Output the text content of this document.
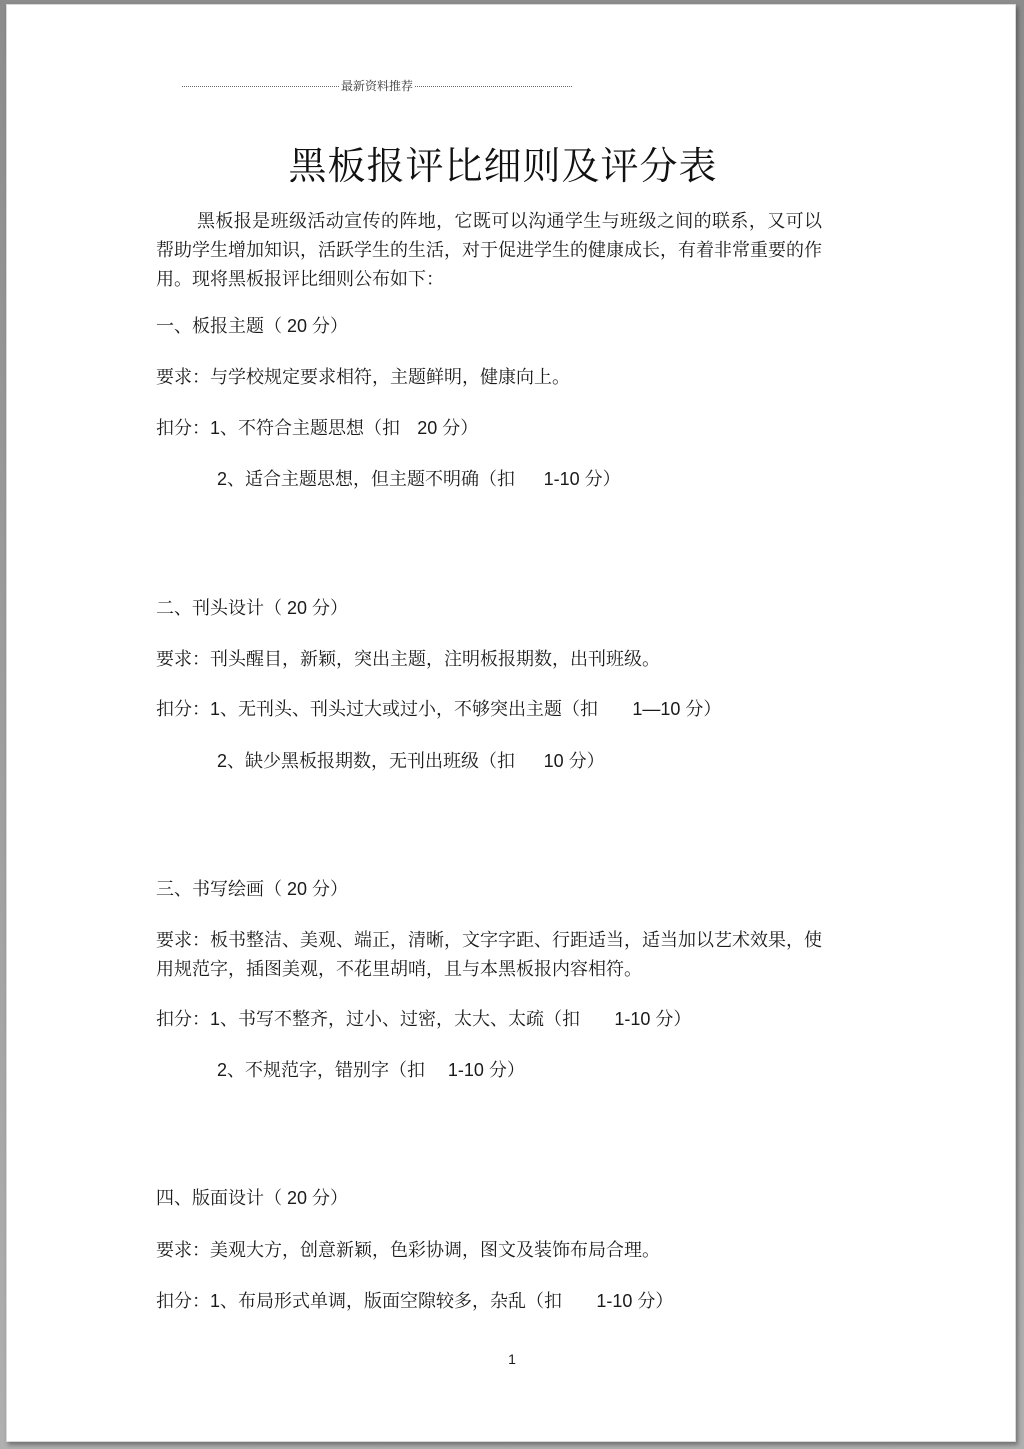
最新资料推荐
黑板报评比细则及评分表
黑板报是班级活动宣传的阵地，它既可以沟通学生与班级之间的联系，又可以帮助学生增加知识，活跃学生的生活，对于促进学生的健康成长，有着非常重要的作用。现将黑板报评比细则公布如下：
一、板报主题（ 20 分）
要求：与学校规定要求相符，主题鲜明，健康向上。
扣分：1、不符合主题思想（扣 20 分）
2、适合主题思想，但主题不明确（扣 1-10 分）
二、刊头设计（ 20 分）
要求：刊头醒目，新颖，突出主题，注明板报期数，出刊班级。
扣分：1、无刊头、刊头过大或过小，不够突出主题（扣 1—10 分）
2、缺少黑板报期数，无刊出班级（扣 10 分）
三、书写绘画（ 20 分）
要求：板书整洁、美观、端正，清晰，文字字距、行距适当，适当加以艺术效果，使用规范字，插图美观，不花里胡哨，且与本黑板报内容相符。
扣分：1、书写不整齐，过小、过密，太大、太疏（扣 1-10 分）
2、不规范字，错别字（扣 1-10 分）
四、版面设计（ 20 分）
要求：美观大方，创意新颖，色彩协调，图文及装饰布局合理。
扣分：1、布局形式单调，版面空隙较多，杂乱（扣 1-10 分）
1
